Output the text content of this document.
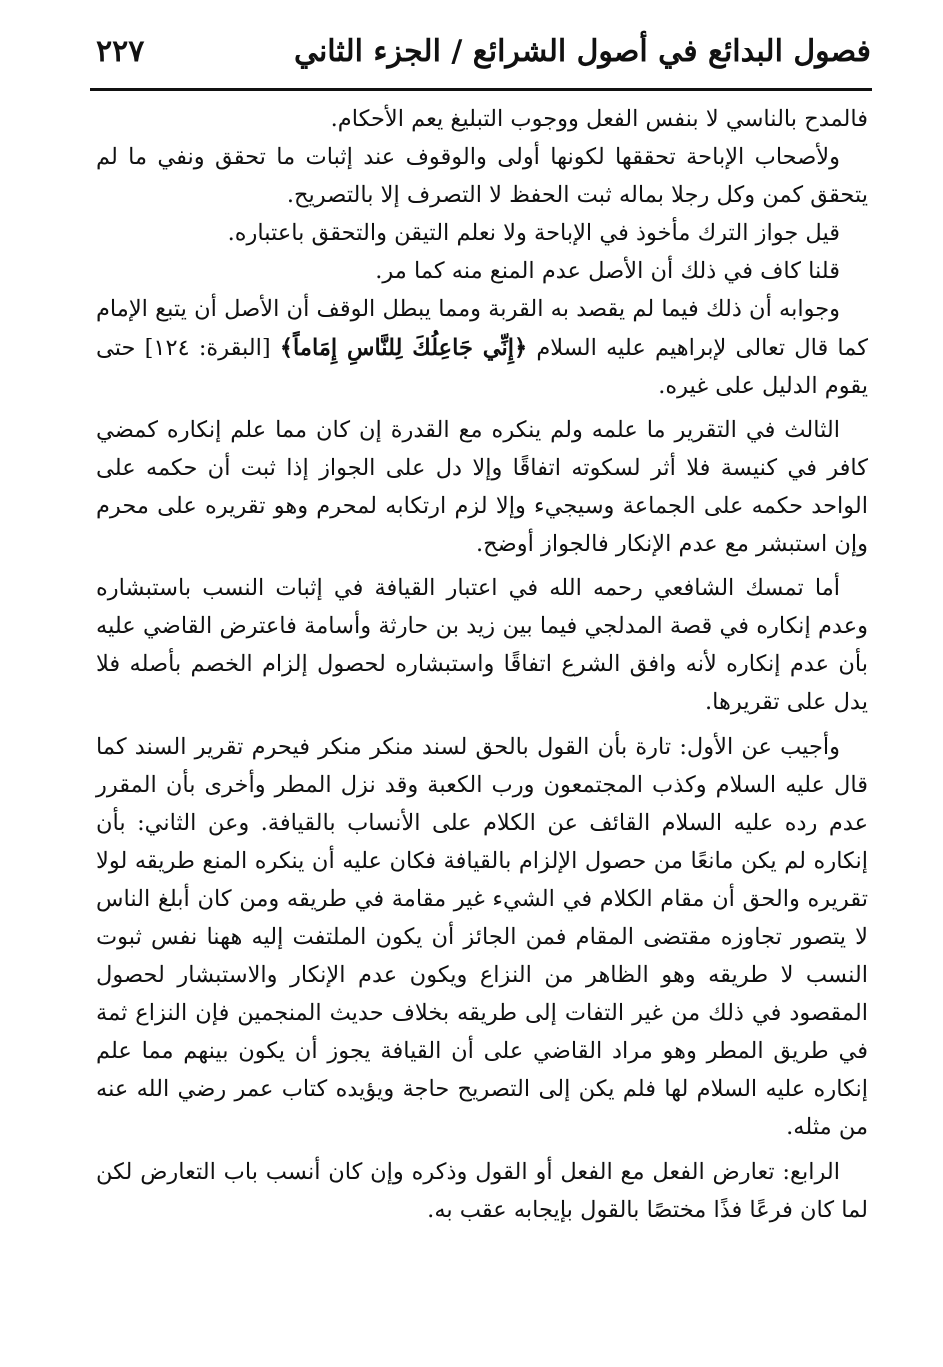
فصول البدائع في أصول الشرائع / الجزء الثاني
٢٢٧

فالمدح بالناسي لا بنفس الفعل ووجوب التبليغ يعم الأحكام.

ولأصحاب الإباحة تحققها لكونها أولى والوقوف عند إثبات ما تحقق ونفي ما لم يتحقق كمن وكل رجلا بماله ثبت الحفظ لا التصرف إلا بالتصريح.

قيل جواز الترك مأخوذ في الإباحة ولا نعلم التيقن والتحقق باعتباره.

قلنا كاف في ذلك أن الأصل عدم المنع منه كما مر.

وجوابه أن ذلك فيما لم يقصد به القربة ومما يبطل الوقف أن الأصل أن يتبع الإمام كما قال تعالى لإبراهيم عليه السلام ﴿إِنِّي جَاعِلُكَ لِلنَّاسِ إِمَاماً﴾ [البقرة: ١٢٤] حتى يقوم الدليل على غيره.

الثالث في التقرير ما علمه ولم ينكره مع القدرة إن كان مما علم إنكاره كمضي كافر في كنيسة فلا أثر لسكوته اتفاقًا وإلا دل على الجواز إذا ثبت أن حكمه على الواحد حكمه على الجماعة وسيجيء وإلا لزم ارتكابه لمحرم وهو تقريره على محرم وإن استبشر مع عدم الإنكار فالجواز أوضح.

أما تمسك الشافعي رحمه الله في اعتبار القيافة في إثبات النسب باستبشاره وعدم إنكاره في قصة المدلجي فيما بين زيد بن حارثة وأسامة فاعترض القاضي عليه بأن عدم إنكاره لأنه وافق الشرع اتفاقًا واستبشاره لحصول إلزام الخصم بأصله فلا يدل على تقريرها.

وأجيب عن الأول: تارة بأن القول بالحق لسند منكر منكر فيحرم تقرير السند كما قال عليه السلام وكذب المجتمعون ورب الكعبة وقد نزل المطر وأخرى بأن المقرر عدم رده عليه السلام القائف عن الكلام على الأنساب بالقيافة. وعن الثاني: بأن إنكاره لم يكن مانعًا من حصول الإلزام بالقيافة فكان عليه أن ينكره المنع طريقه لولا تقريره والحق أن مقام الكلام في الشيء غير مقامة في طريقه ومن كان أبلغ الناس لا يتصور تجاوزه مقتضى المقام فمن الجائز أن يكون الملتفت إليه ههنا نفس ثبوت النسب لا طريقه وهو الظاهر من النزاع ويكون عدم الإنكار والاستبشار لحصول المقصود في ذلك من غير التفات إلى طريقه بخلاف حديث المنجمين فإن النزاع ثمة في طريق المطر وهو مراد القاضي على أن القيافة يجوز أن يكون بينهم مما علم إنكاره عليه السلام لها فلم يكن إلى التصريح حاجة ويؤيده كتاب عمر رضي الله عنه من مثله.

الرابع: تعارض الفعل مع الفعل أو القول وذكره وإن كان أنسب باب التعارض لكن لما كان فرعًا فذًا مختصًا بالقول بإيجابه عقب به.
